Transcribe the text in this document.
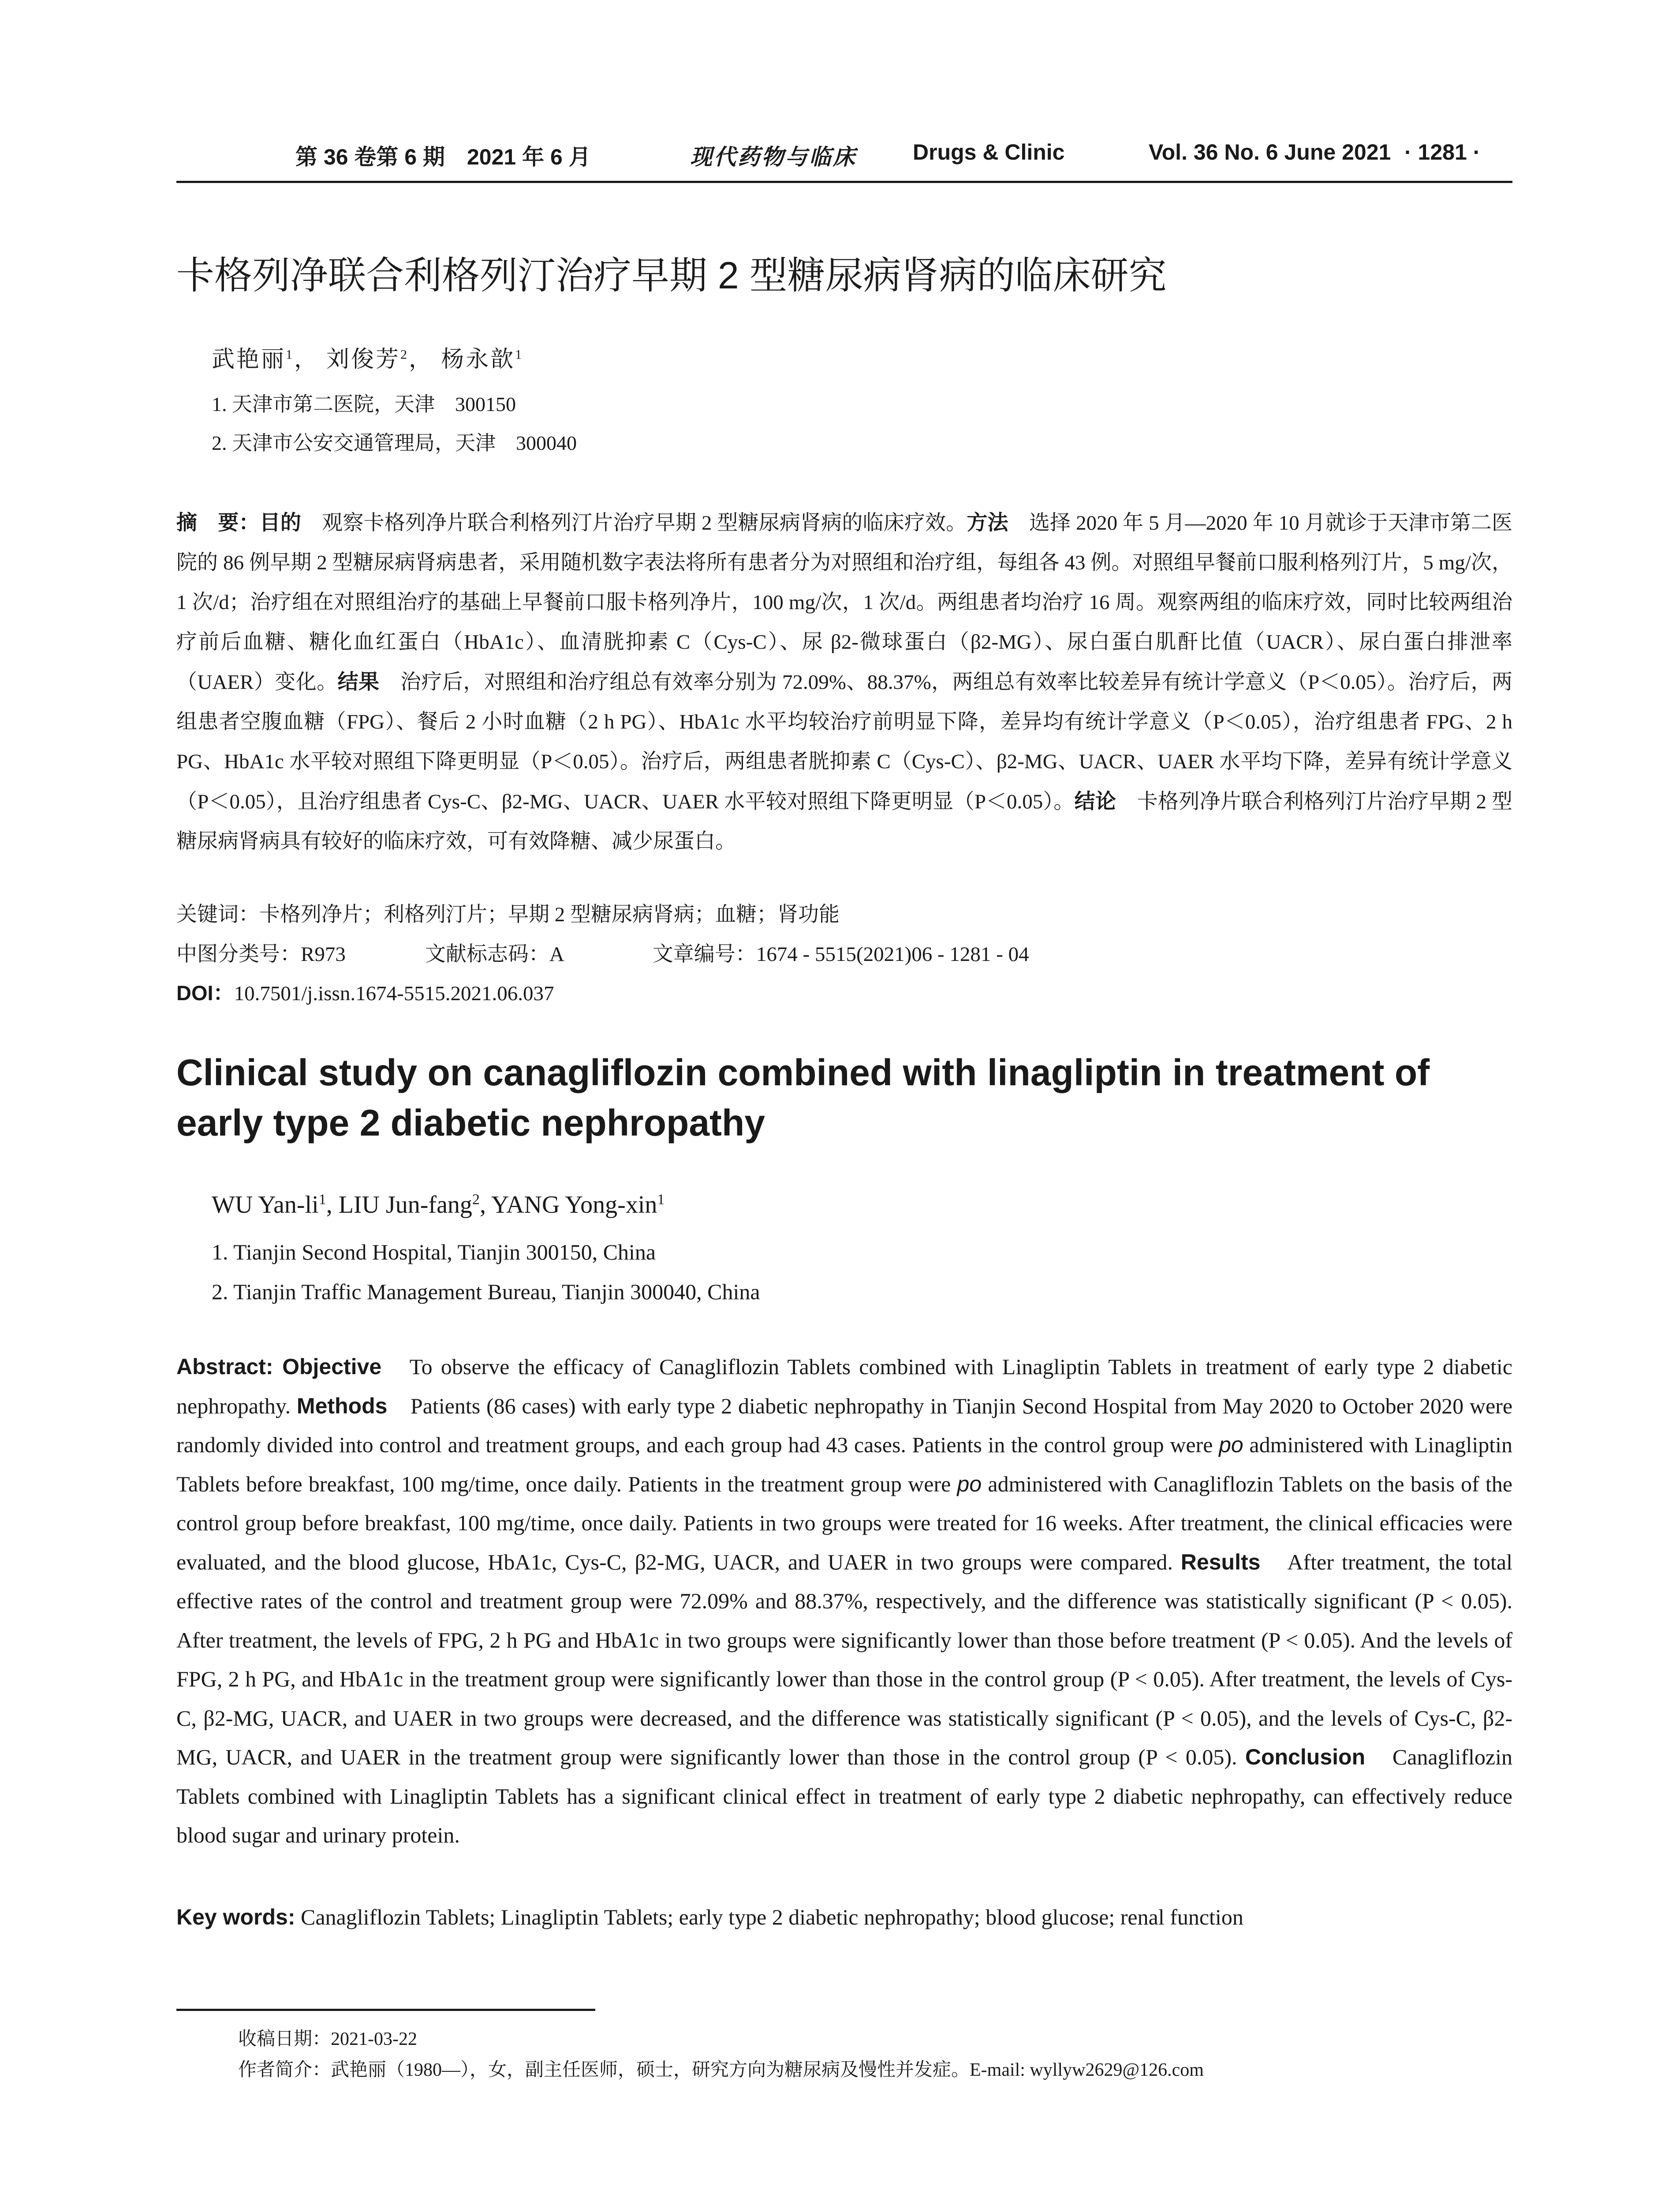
第 36 卷第 6 期　2021 年 6 月	现代药物与临床	Drugs & Clinic	Vol. 36 No. 6 June 2021 · 1281 ·
卡格列净联合利格列汀治疗早期 2 型糖尿病肾病的临床研究
武艳丽$^1$， 刘俊芳$^2$， 杨永歆$^1$
1. 天津市第二医院，天津　300150
2. 天津市公安交通管理局，天津　300040
摘　要：目的　 观察卡格列净片联合利格列汀片治疗早期 2 型糖尿病肾病的临床疗效。方法　 选择 2020 年 5 月—2020 年 10 月就诊于天津市第二医院的 86 例早期 2 型糖尿病肾病患者，采用随机数字表法将所有患者分为对照组和治疗组，每组各 43 例。对照组早餐前口服利格列汀片，5 mg/次，1 次/d；治疗组在对照组治疗的基础上早餐前口服卡格列净片，100 mg/次，1 次/d。两组患者均治疗 16 周。观察两组的临床疗效，同时比较两组治疗前后血糖、糖化血红蛋白（HbA1c）、血清胱抑素 C（Cys-C）、尿 β2-微球蛋白（β2-MG）、尿白蛋白肌酐比值（UACR）、尿白蛋白排泄率（UAER）变化。结果　 治疗后，对照组和治疗组总有效率分别为 72.09%、88.37%，两组总有效率比较差异有统计学意义（P＜0.05）。治疗后，两组患者空腹血糖（FPG）、餐后 2 小时血糖（2 h PG）、HbA1c 水平均较治疗前明显下降，差异均有统计学意义（P＜0.05），治疗组患者 FPG、2 h PG、HbA1c 水平较对照组下降更明显（P＜0.05）。治疗后，两组患者胱抑素 C（Cys-C）、β2-MG、UACR、UAER 水平均下降，差异有统计学意义（P＜0.05），且治疗组患者 Cys-C、β2-MG、UACR、UAER 水平较对照组下降更明显（P＜0.05）。结论　 卡格列净片联合利格列汀片治疗早期 2 型糖尿病肾病具有较好的临床疗效，可有效降糖、减少尿蛋白。
关键词：卡格列净片；利格列汀片；早期 2 型糖尿病肾病；血糖；肾功能
中图分类号：R973	文献标志码：A	文章编号：1674 - 5515(2021)06 - 1281 - 04
DOI：10.7501/j.issn.1674-5515.2021.06.037
Clinical study on canagliflozin combined with linagliptin in treatment of early type 2 diabetic nephropathy
WU Yan-$li^1$, LIU Jun-fang$^2$, YANG Yong-xin$^1$
1. Tianjin Second Hospital, Tianjin 300150, China
2. Tianjin Traffic Management Bureau, Tianjin 300040, China
Abstract: Objective　 To observe the efficacy of Canagliflozin Tablets combined with Linagliptin Tablets in treatment of early type 2 diabetic nephropathy. Methods　 Patients (86 cases) with early type 2 diabetic nephropathy in Tianjin Second Hospital from May 2020 to October 2020 were randomly divided into control and treatment groups, and each group had 43 cases. Patients in the control group were po administered with Linagliptin Tablets before breakfast, 100 mg/time, once daily. Patients in the treatment group were po administered with Canagliflozin Tablets on the basis of the control group before breakfast, 100 mg/time, once daily. Patients in two groups were treated for 16 weeks. After treatment, the clinical efficacies were evaluated, and the blood glucose, HbA1c, Cys-C, β2-MG, UACR, and UAER in two groups were compared. Results　 After treatment, the total effective rates of the control and treatment group were 72.09% and 88.37%, respectively, and the difference was statistically significant (P < 0.05). After treatment, the levels of FPG, 2 h PG and HbA1c in two groups were significantly lower than those before treatment (P < 0.05). And the levels of FPG, 2 h PG, and HbA1c in the treatment group were significantly lower than those in the control group (P < 0.05). After treatment, the levels of Cys-C, β2-MG, UACR, and UAER in two groups were decreased, and the difference was statistically significant (P < 0.05), and the levels of Cys-C, β2-MG, UACR, and UAER in the treatment group were significantly lower than those in the control group (P < 0.05). Conclusion　 Canagliflozin Tablets combined with Linagliptin Tablets has a significant clinical effect in treatment of early type 2 diabetic nephropathy, can effectively reduce blood sugar and urinary protein.
Key words: Canagliflozin Tablets; Linagliptin Tablets; early type 2 diabetic nephropathy; blood glucose; renal function
收稿日期：2021-03-22
作者简介：武艳丽（1980—），女，副主任医师，硕士，研究方向为糖尿病及慢性并发症。E-mail: wyllyw2629@126.com
